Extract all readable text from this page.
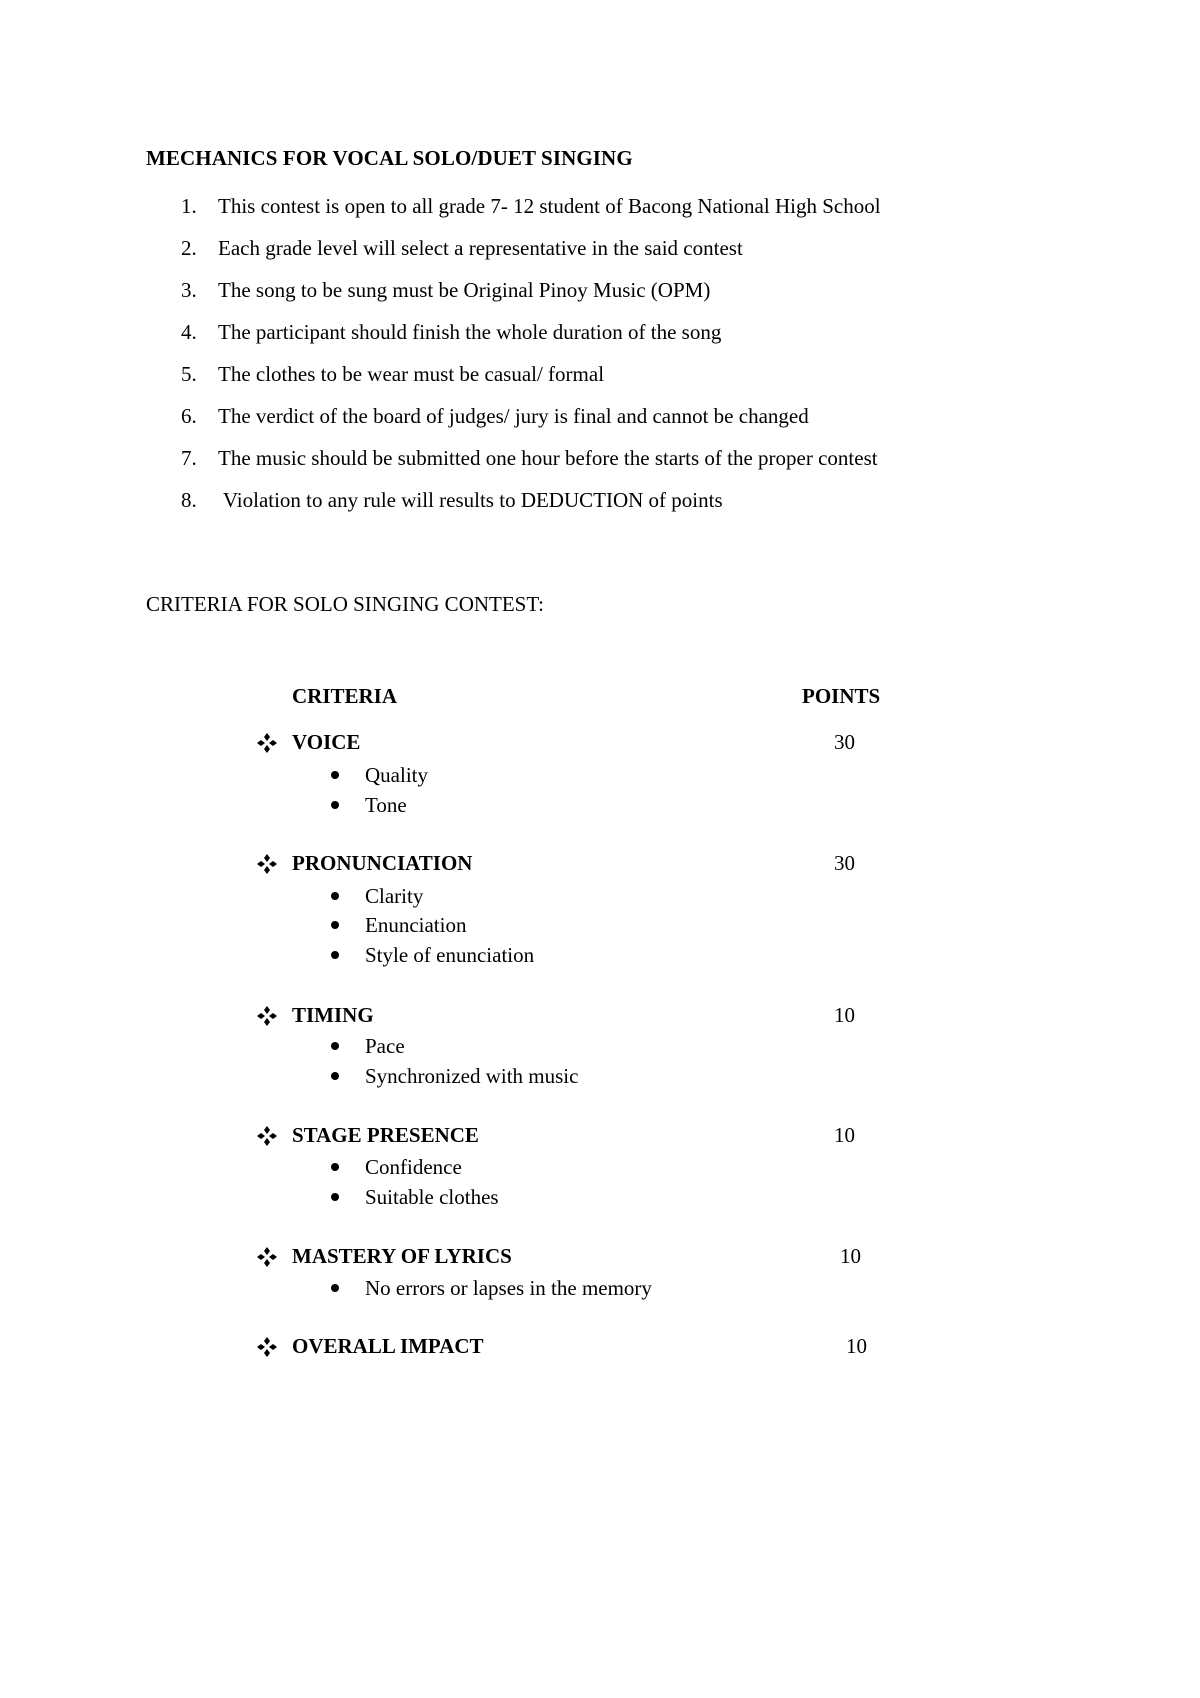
MECHANICS FOR VOCAL SOLO/DUET SINGING
1.	This contest is open to all grade 7- 12 student of Bacong National High School
2.	Each grade level will select a representative in the said contest
3.	The song to be sung must be Original Pinoy Music (OPM)
4.	The participant should finish the whole duration of the song
5.	The clothes to be wear must be casual/ formal
6.	The verdict of the board of judges/ jury is final and cannot be changed
7.	The music should be submitted one hour before the starts of the proper contest
8.	Violation to any rule will results to DEDUCTION of points
CRITERIA FOR SOLO SINGING CONTEST:
CRITERIA	POINTS
VOICE	30
Quality
Tone
PRONUNCIATION	30
Clarity
Enunciation
Style of enunciation
TIMING	10
Pace
Synchronized with music
STAGE PRESENCE	10
Confidence
Suitable clothes
MASTERY OF LYRICS	10
No errors or lapses in the memory
OVERALL IMPACT	10
